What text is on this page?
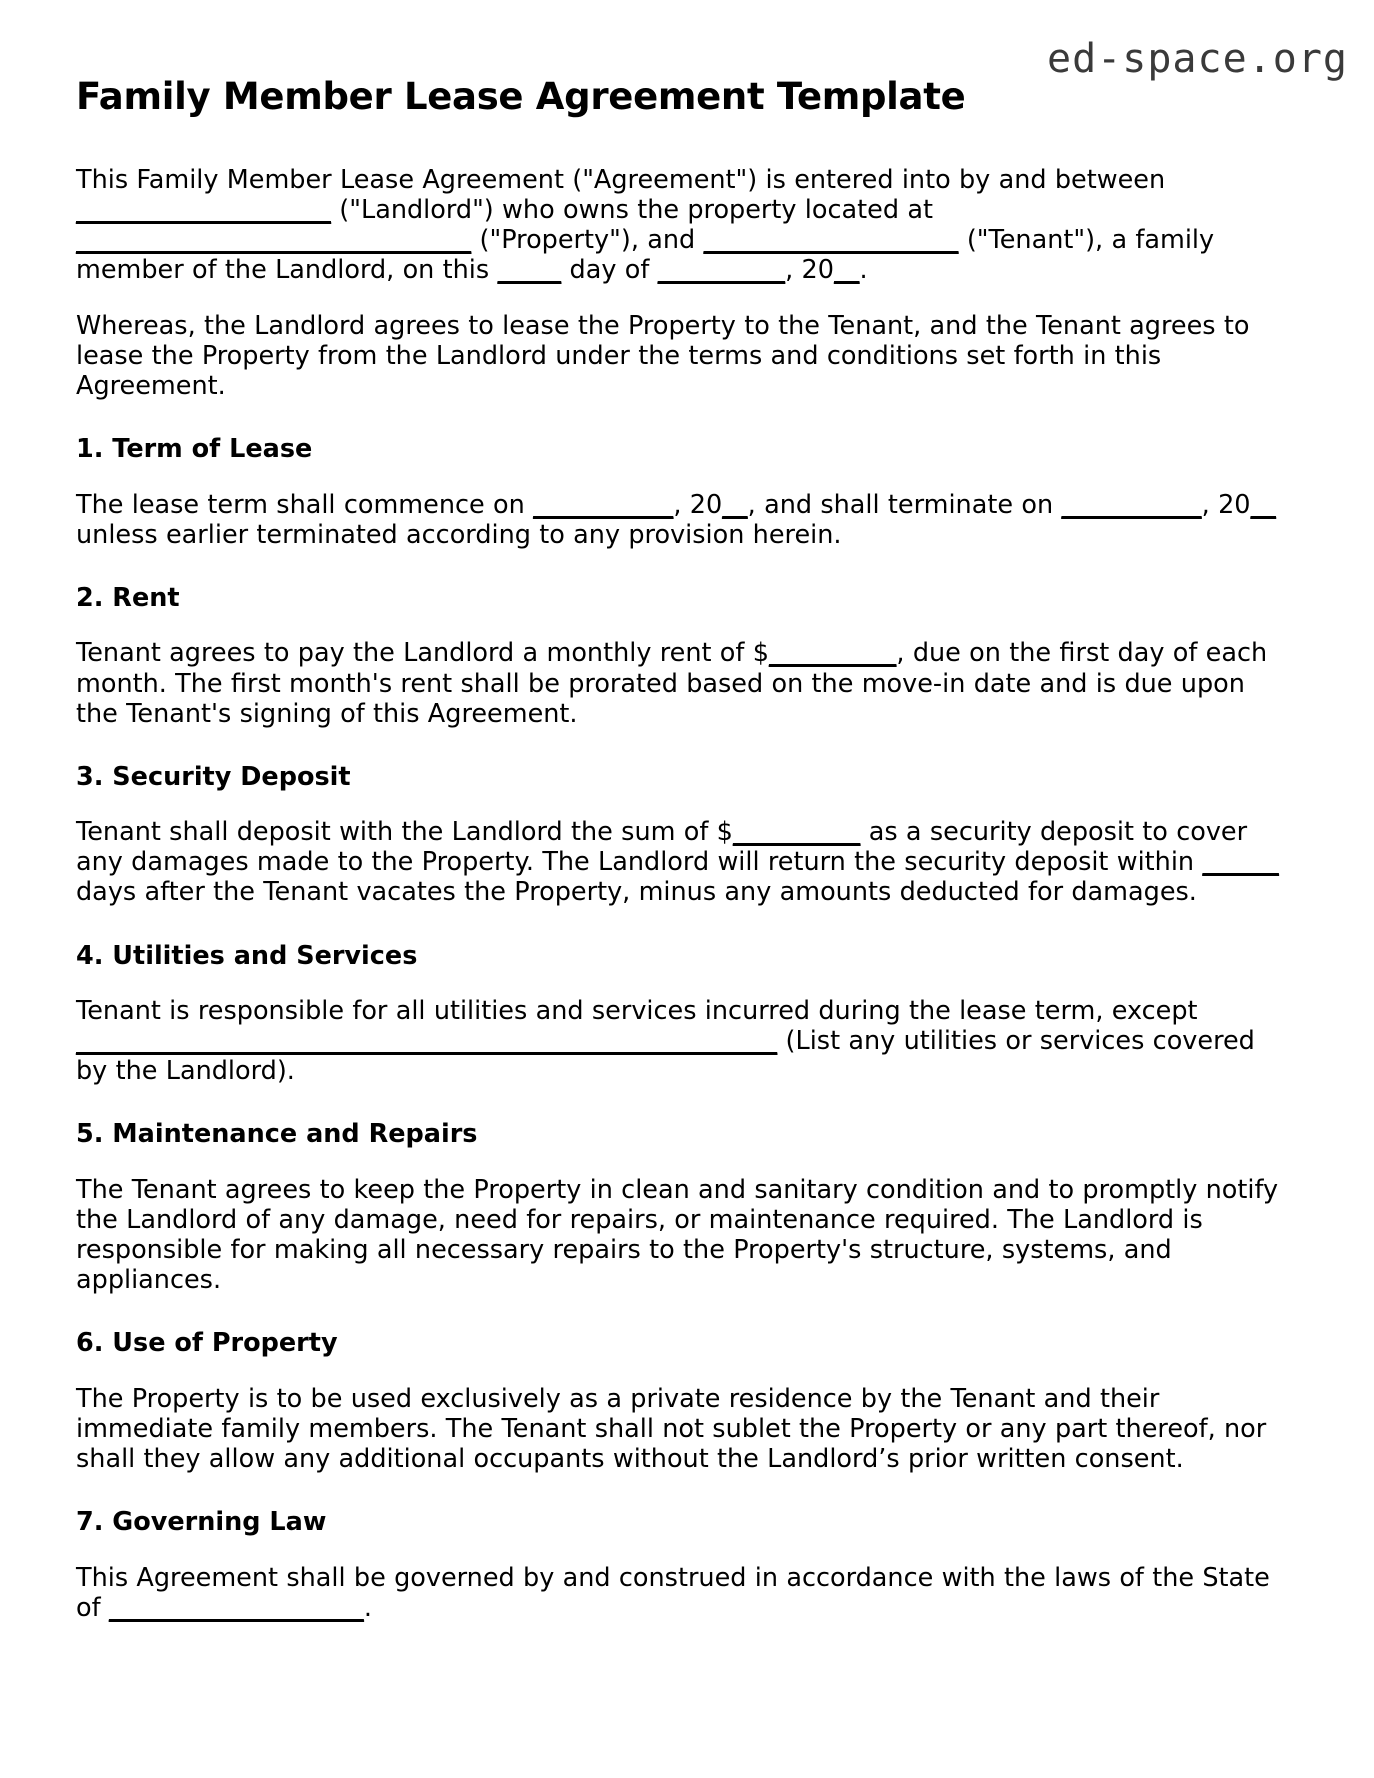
ed-space.org
Family Member Lease Agreement Template

This Family Member Lease Agreement ("Agreement") is entered into by and between ____________________ ("Landlord") who owns the property located at _______________________________ ("Property"), and ____________________ ("Tenant"), a family member of the Landlord, on this _____ day of __________, 20__.

Whereas, the Landlord agrees to lease the Property to the Tenant, and the Tenant agrees to lease the Property from the Landlord under the terms and conditions set forth in this Agreement.

1. Term of Lease

The lease term shall commence on ___________, 20__, and shall terminate on ___________, 20__ unless earlier terminated according to any provision herein.

2. Rent

Tenant agrees to pay the Landlord a monthly rent of $__________, due on the first day of each month. The first month's rent shall be prorated based on the move-in date and is due upon the Tenant's signing of this Agreement.

3. Security Deposit

Tenant shall deposit with the Landlord the sum of $__________ as a security deposit to cover any damages made to the Property. The Landlord will return the security deposit within ______ days after the Tenant vacates the Property, minus any amounts deducted for damages.

4. Utilities and Services

Tenant is responsible for all utilities and services incurred during the lease term, except _______________________________________________________ (List any utilities or services covered by the Landlord).

5. Maintenance and Repairs

The Tenant agrees to keep the Property in clean and sanitary condition and to promptly notify the Landlord of any damage, need for repairs, or maintenance required. The Landlord is responsible for making all necessary repairs to the Property's structure, systems, and appliances.

6. Use of Property

The Property is to be used exclusively as a private residence by the Tenant and their immediate family members. The Tenant shall not sublet the Property or any part thereof, nor shall they allow any additional occupants without the Landlord’s prior written consent.

7. Governing Law

This Agreement shall be governed by and construed in accordance with the laws of the State of ____________________.
